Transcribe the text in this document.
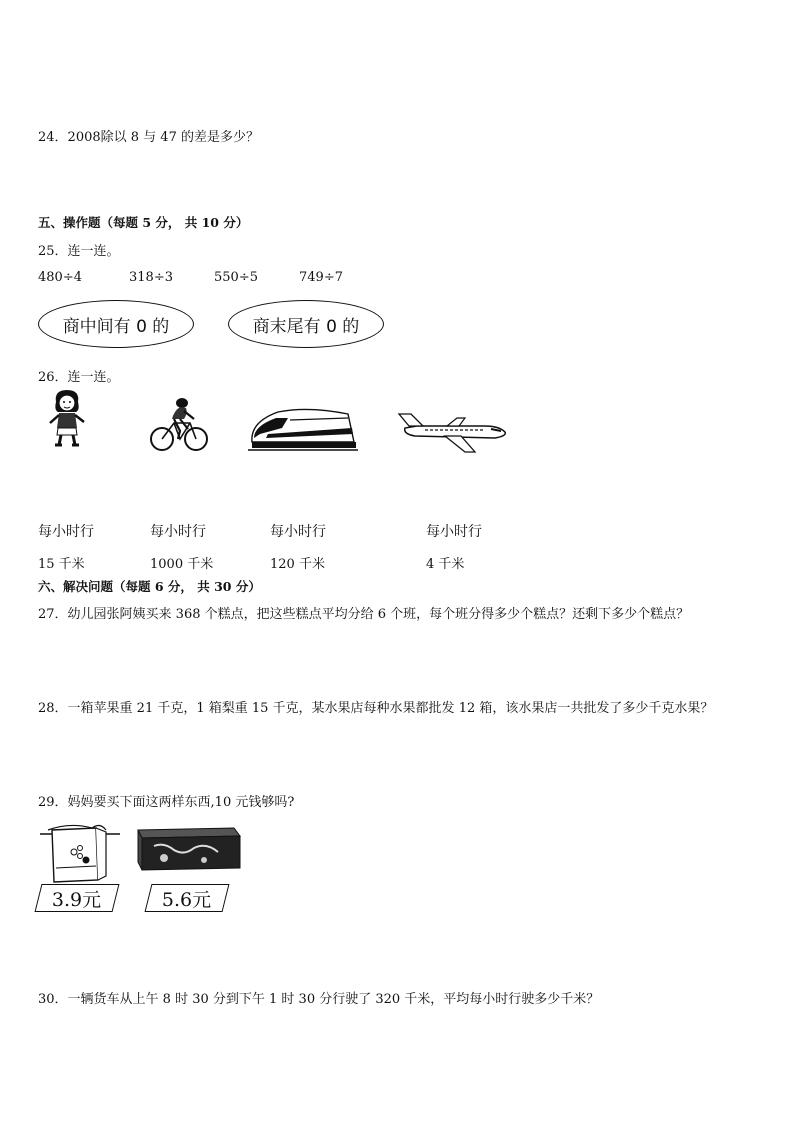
24．2008除以 8 与 47 的差是多少？
五、操作题（每题 5 分， 共 10 分）
25．连一连。
480÷4	318÷3	550÷5	749÷7
商中间有 0 的	商末尾有 0 的
26．连一连。
每小时行	每小时行	每小时行	每小时行
15 千米	1000 千米	120 千米	4 千米
六、解决问题（每题 6 分， 共 30 分）
27．幼儿园张阿姨买来 368 个糕点，把这些糕点平均分给 6 个班，每个班分得多少个糕点？还剩下多少个糕点？
28．一箱苹果重 21 千克，1 箱梨重 15 千克，某水果店每种水果都批发 12 箱，该水果店一共批发了多少千克水果？
29．妈妈要买下面这两样东西,10 元钱够吗?
3.9元	5.6元
30．一辆货车从上午 8 时 30 分到下午 1 时 30 分行驶了 320 千米，平均每小时行驶多少千米？
